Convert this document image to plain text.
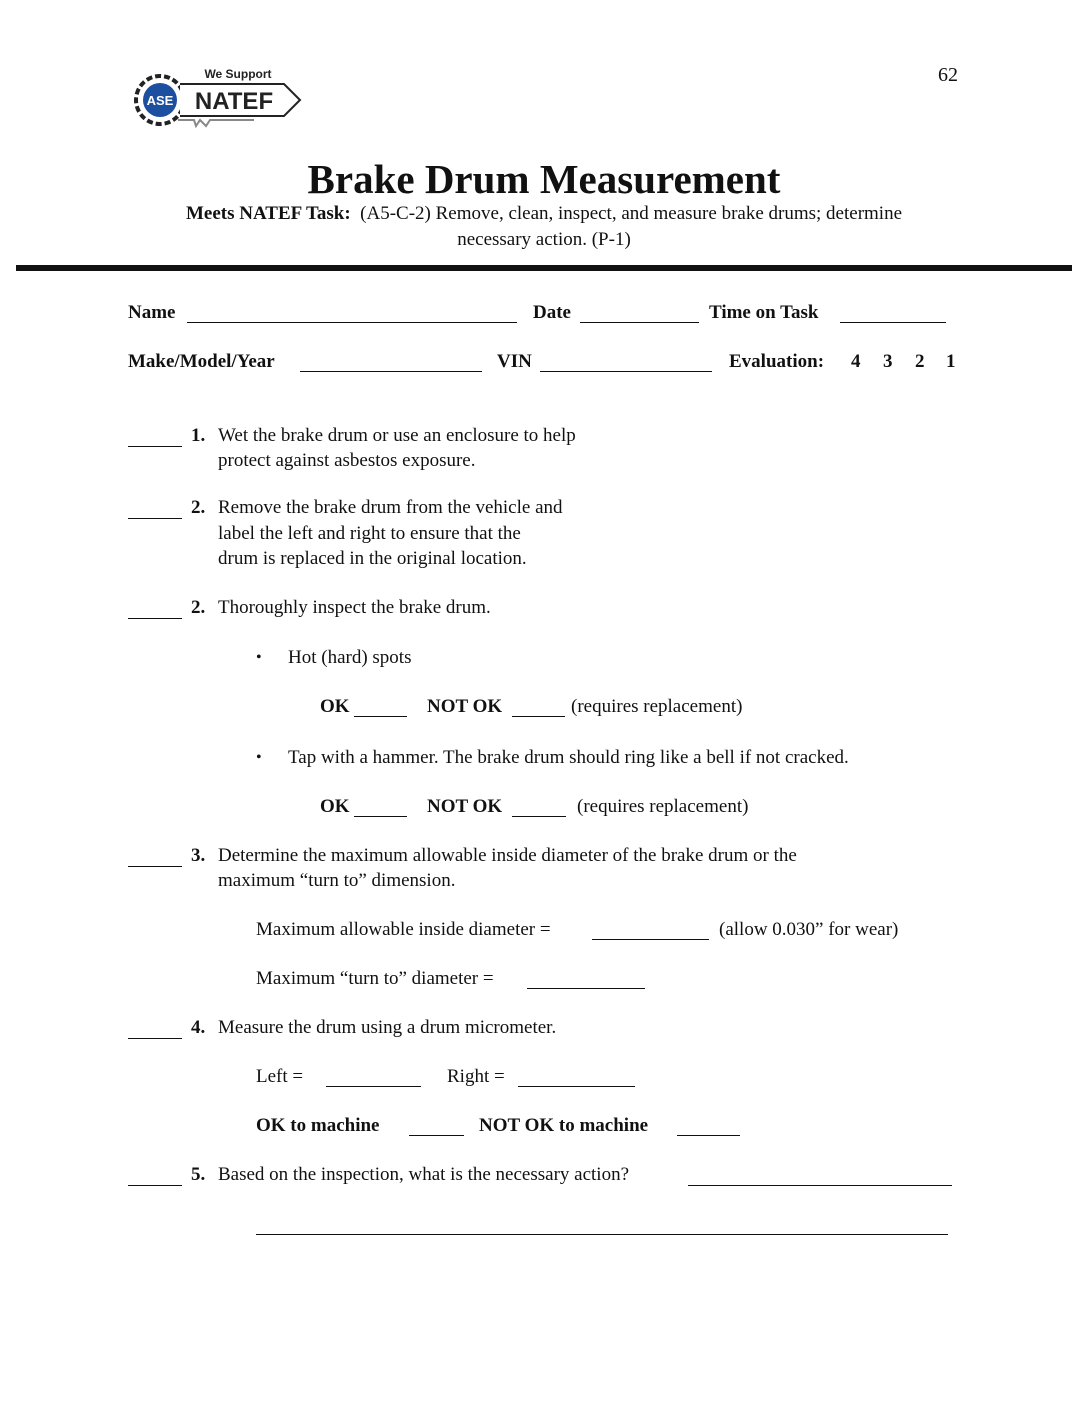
62
ASE
We Support
NATEF
Brake Drum Measurement
Meets NATEF Task: (A5-C-2) Remove, clean, inspect, and measure brake drums; determine
necessary action. (P-1)
Name	Date	Time on Task
Make/Model/Year	VIN	Evaluation: 4 3 2 1
1. Wet the brake drum or use an enclosure to help
protect against asbestos exposure.
2. Remove the brake drum from the vehicle and
label the left and right to ensure that the
drum is replaced in the original location.
2. Thoroughly inspect the brake drum.
• Hot (hard) spots
OK	NOT OK	(requires replacement)
• Tap with a hammer. The brake drum should ring like a bell if not cracked.
OK	NOT OK	(requires replacement)
3. Determine the maximum allowable inside diameter of the brake drum or the
maximum “turn to” dimension.
Maximum allowable inside diameter =	(allow 0.030” for wear)
Maximum “turn to” diameter =
4. Measure the drum using a drum micrometer.
Left =	Right =
OK to machine	NOT OK to machine
5. Based on the inspection, what is the necessary action?
